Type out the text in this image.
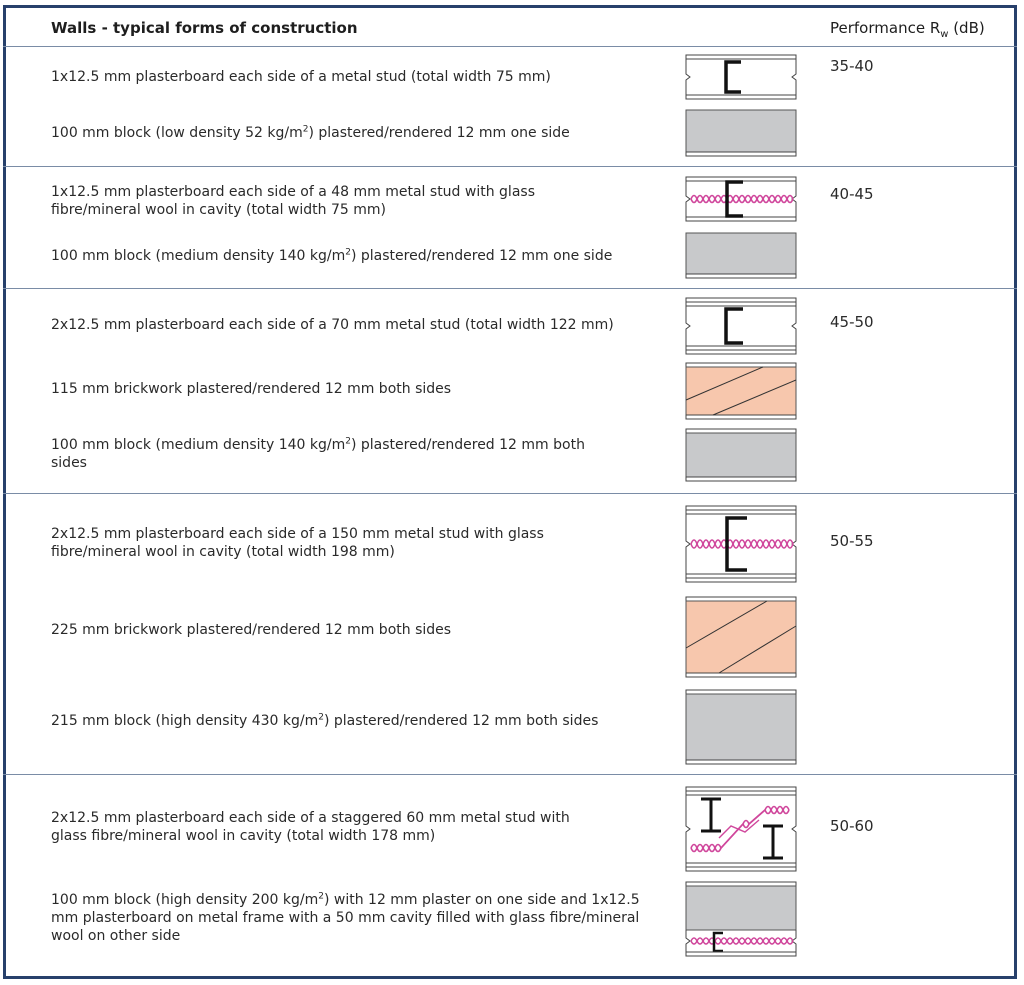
Walls - typical forms of construction	Performance $R_w$ (dB)
35-40
40-45
45-50
50-55
50-60
1x12.5 mm plasterboard each side of a metal stud (total width 75 mm)
100 mm block (low density 52 $kg/m^2$) plastered/rendered 12 mm one side
1x12.5 mm plasterboard each side of a 48 mm metal stud with glass fibre/mineral wool in cavity (total width 75 mm)
100 mm block (medium density 140 $kg/m^2$) plastered/rendered 12 mm one side
2x12.5 mm plasterboard each side of a 70 mm metal stud (total width 122 mm)
115 mm brickwork plastered/rendered 12 mm both sides
100 mm block (medium density 140 $kg/m^2$) plastered/rendered 12 mm both sides
2x12.5 mm plasterboard each side of a 150 mm metal stud with glass fibre/mineral wool in cavity (total width 198 mm)
225 mm brickwork plastered/rendered 12 mm both sides
215 mm block (high density 430 $kg/m^2$) plastered/rendered 12 mm both sides
2x12.5 mm plasterboard each side of a staggered 60 mm metal stud with glass fibre/mineral wool in cavity (total width 178 mm)
100 mm block (high density 200 $kg/m^2$) with 12 mm plaster on one side and 1x12.5 mm plasterboard on metal frame with a 50 mm cavity filled with glass fibre/mineral wool on other side
